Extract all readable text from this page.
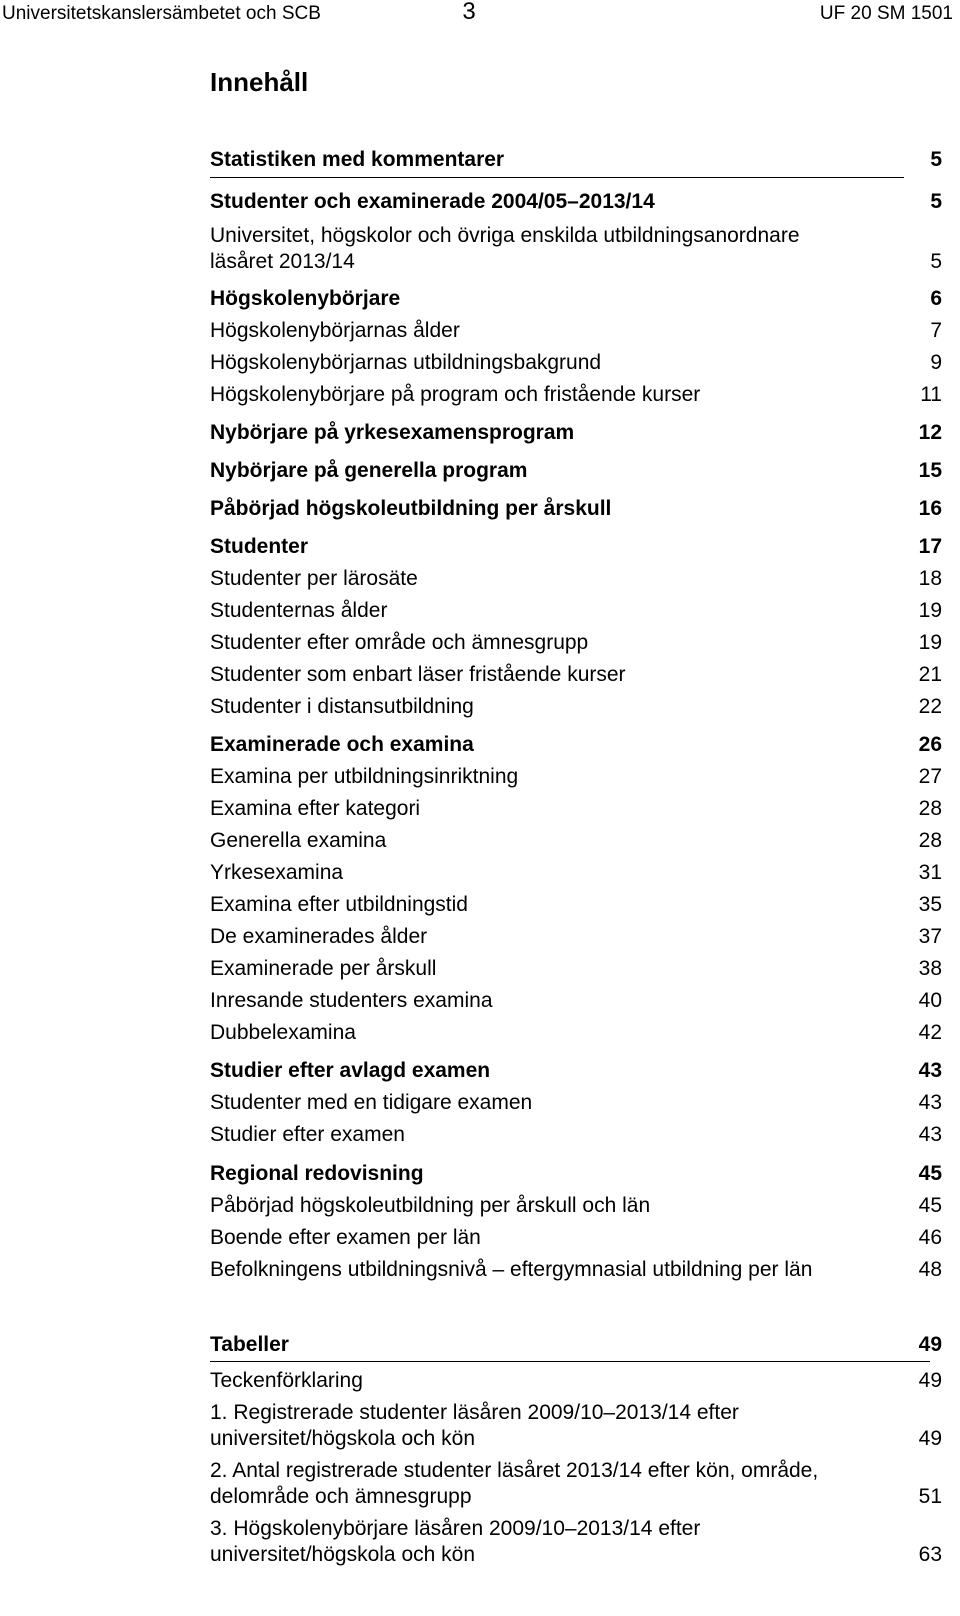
Universitetskanslersämbetet och SCB	3	UF 20 SM 1501
Innehåll
Statistiken med kommentarer	5
Studenter och examinerade 2004/05–2013/14	5
Universitet, högskolor och övriga enskilda utbildningsanordnare
läsåret 2013/14	5
Högskolenybörjare	6
Högskolenybörjarnas ålder	7
Högskolenybörjarnas utbildningsbakgrund	9
Högskolenybörjare på program och fristående kurser	11
Nybörjare på yrkesexamensprogram	12
Nybörjare på generella program	15
Påbörjad högskoleutbildning per årskull	16
Studenter	17
Studenter per lärosäte	18
Studenternas ålder	19
Studenter efter område och ämnesgrupp	19
Studenter som enbart läser fristående kurser	21
Studenter i distansutbildning	22
Examinerade och examina	26
Examina per utbildningsinriktning	27
Examina efter kategori	28
Generella examina	28
Yrkesexamina	31
Examina efter utbildningstid	35
De examinerades ålder	37
Examinerade per årskull	38
Inresande studenters examina	40
Dubbelexamina	42
Studier efter avlagd examen	43
Studenter med en tidigare examen	43
Studier efter examen	43
Regional redovisning	45
Påbörjad högskoleutbildning per årskull och län	45
Boende efter examen per län	46
Befolkningens utbildningsnivå – eftergymnasial utbildning per län	48
Tabeller	49
Teckenförklaring	49
1. Registrerade studenter läsåren 2009/10–2013/14 efter
universitet/högskola och kön	49
2. Antal registrerade studenter läsåret 2013/14 efter kön, område,
delområde och ämnesgrupp	51
3. Högskolenybörjare läsåren 2009/10–2013/14 efter
universitet/högskola och kön	63
